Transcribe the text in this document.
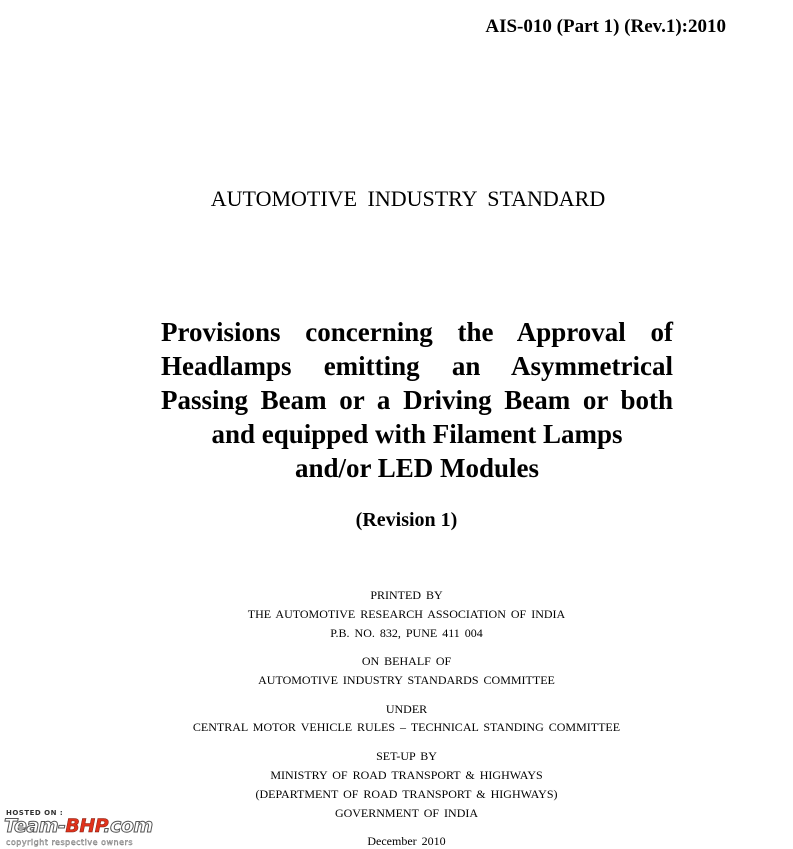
AIS-010 (Part 1) (Rev.1):2010

AUTOMOTIVE INDUSTRY STANDARD

Provisions concerning the Approval of
Headlamps emitting an Asymmetrical
Passing Beam or a Driving Beam or both
and equipped with Filament Lamps
and/or LED Modules

(Revision 1)

PRINTED BY

THE AUTOMOTIVE RESEARCH ASSOCIATION OF INDIA

P.B. NO. 832, PUNE 411 004

ON BEHALF OF

AUTOMOTIVE INDUSTRY STANDARDS COMMITTEE

UNDER

CENTRAL MOTOR VEHICLE RULES – TECHNICAL STANDING COMMITTEE

SET-UP BY

MINISTRY OF ROAD TRANSPORT & HIGHWAYS

(DEPARTMENT OF ROAD TRANSPORT & HIGHWAYS)

GOVERNMENT OF INDIA

December 2010

HOSTED ON :
Team-BHP.com
copyright respective owners
